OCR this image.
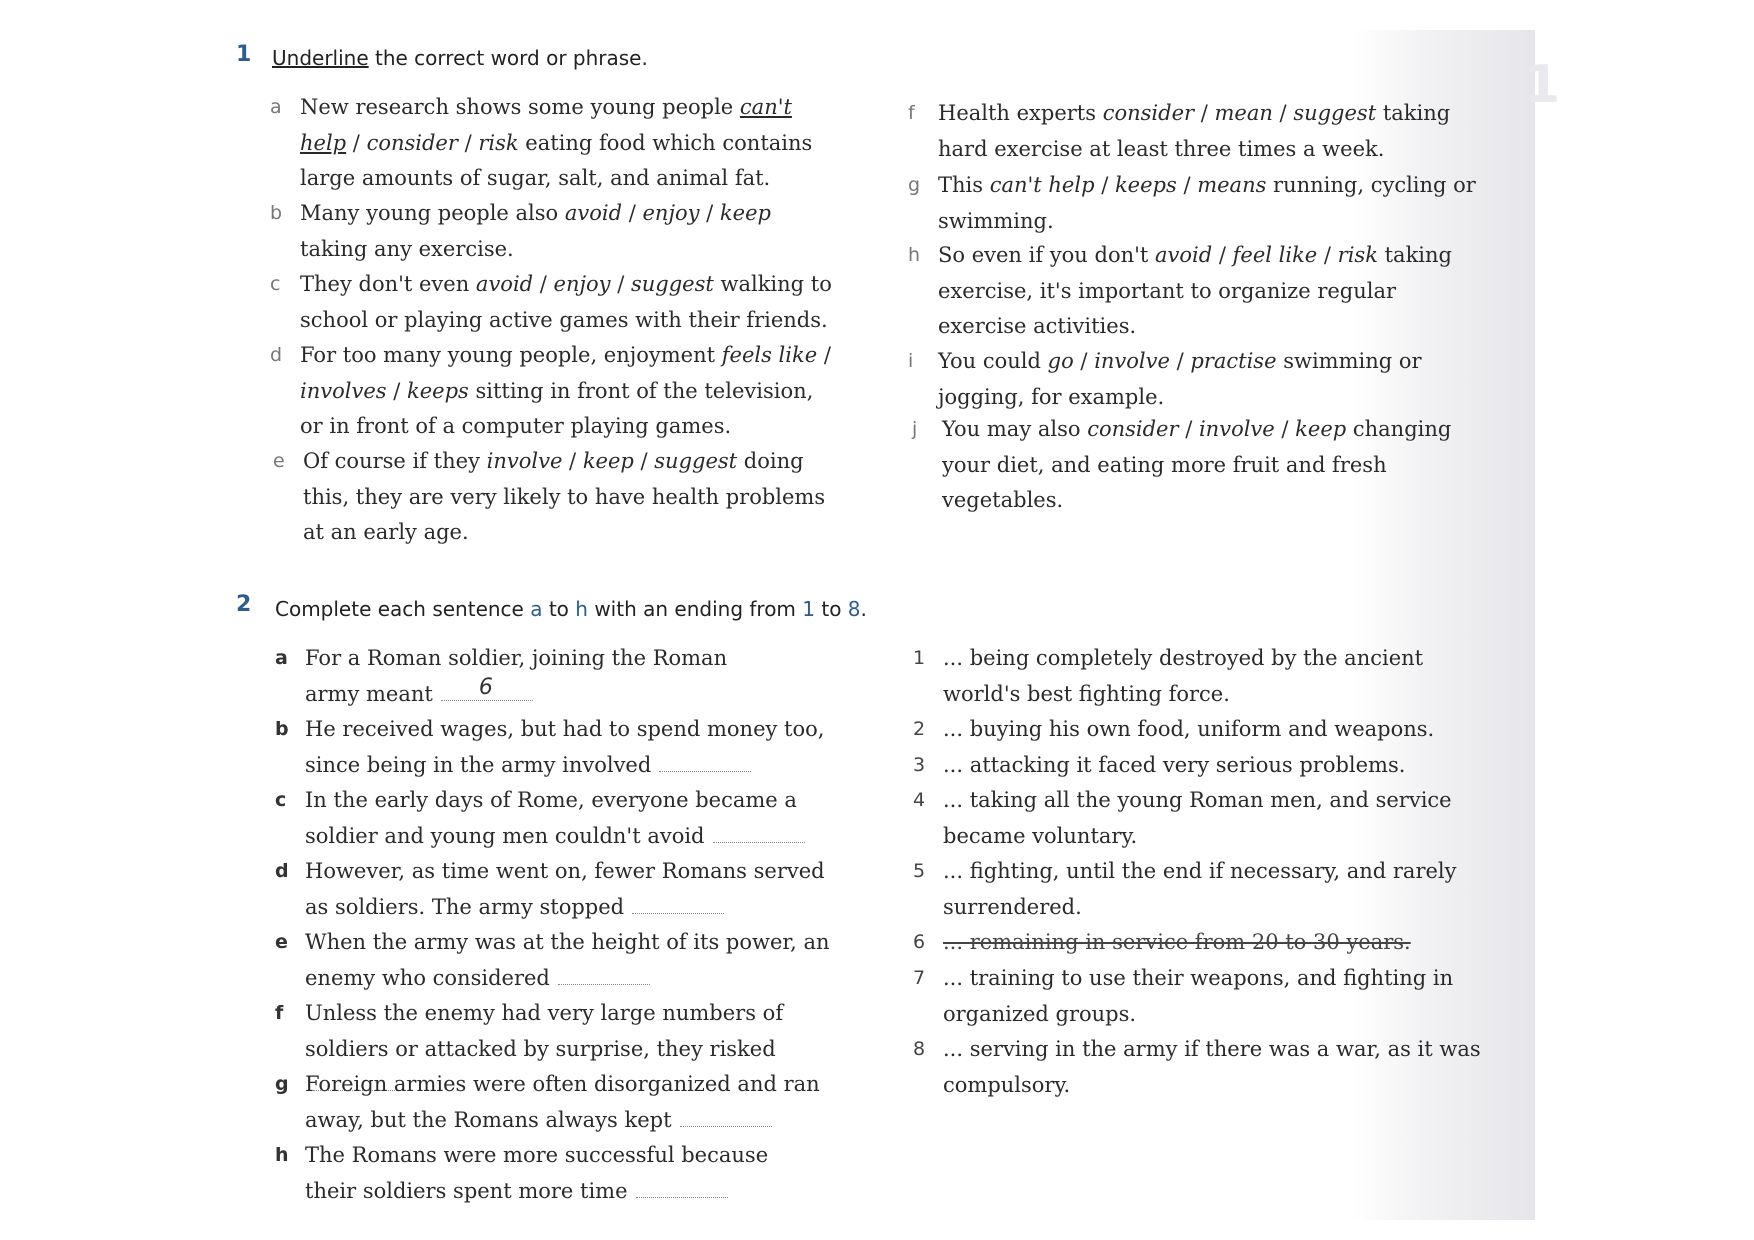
1
1 Underline the correct word or phrase.
a New research shows some young people can't help / consider / risk eating food which contains large amounts of sugar, salt, and animal fat.
b Many young people also avoid / enjoy / keep taking any exercise.
c They don't even avoid / enjoy / suggest walking to school or playing active games with their friends.
d For too many young people, enjoyment feels like / involves / keeps sitting in front of the television, or in front of a computer playing games.
e Of course if they involve / keep / suggest doing this, they are very likely to have health problems at an early age.
f Health experts consider / mean / suggest taking hard exercise at least three times a week.
g This can't help / keeps / means running, cycling or swimming.
h So even if you don't avoid / feel like / risk taking exercise, it's important to organize regular exercise activities.
i You could go / involve / practise swimming or jogging, for example.
j You may also consider / involve / keep changing your diet, and eating more fruit and fresh vegetables.
2 Complete each sentence a to h with an ending from 1 to 8.
a For a Roman soldier, joining the Roman army meant 6
b He received wages, but had to spend money too, since being in the army involved
c In the early days of Rome, everyone became a soldier and young men couldn't avoid
d However, as time went on, fewer Romans served as soldiers. The army stopped
e When the army was at the height of its power, an enemy who considered
f Unless the enemy had very large numbers of soldiers or attacked by surprise, they risked
g Foreign armies were often disorganized and ran away, but the Romans always kept
h The Romans were more successful because their soldiers spent more time
1 ... being completely destroyed by the ancient world's best fighting force.
2 ... buying his own food, uniform and weapons.
3 ... attacking it faced very serious problems.
4 ... taking all the young Roman men, and service became voluntary.
5 ... fighting, until the end if necessary, and rarely surrendered.
6 ... remaining in service from 20 to 30 years.
7 ... training to use their weapons, and fighting in organized groups.
8 ... serving in the army if there was a war, as it was compulsory.
